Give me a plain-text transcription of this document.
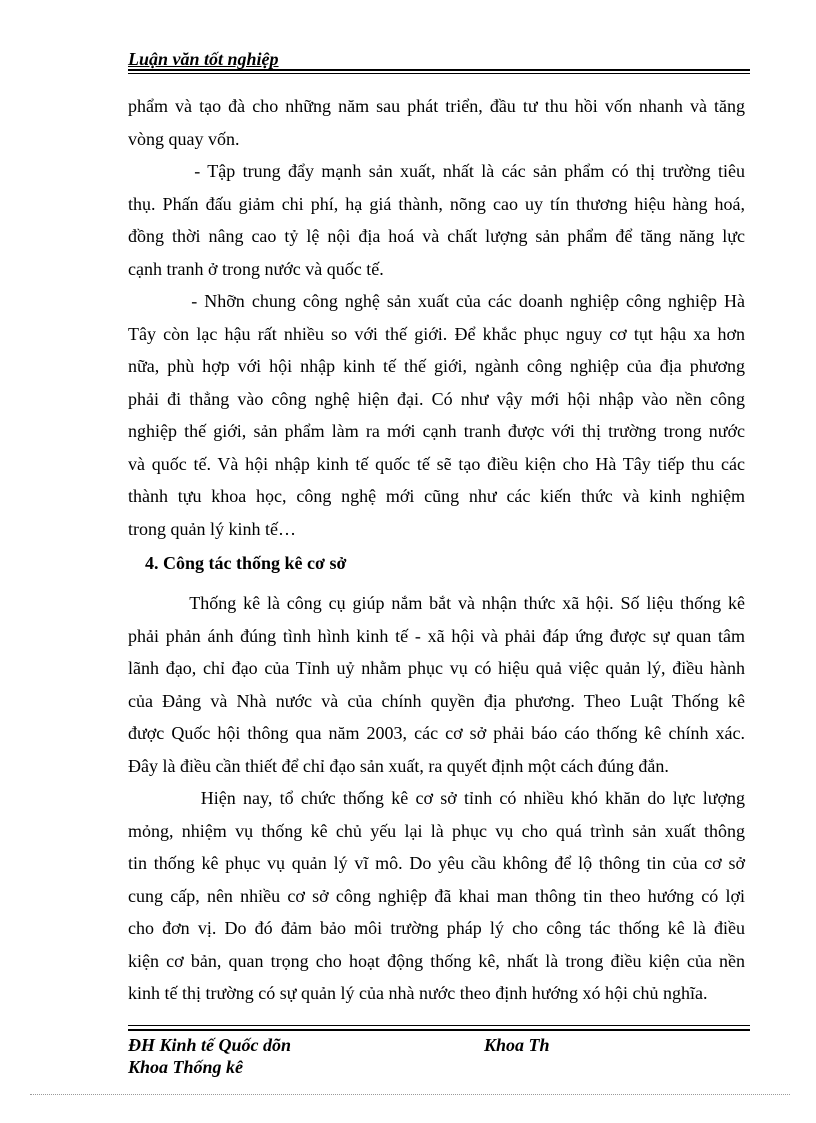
Luận văn tốt nghiệp

phẩm và tạo đà cho những năm sau phát triển, đầu tư thu hồi vốn nhanh và tăng
vòng quay vốn.

- Tập trung đẩy mạnh sản xuất, nhất là các sản phẩm có thị trường tiêu
thụ. Phấn đấu giảm chi phí, hạ giá thành, nõng cao uy tín thương hiệu hàng hoá,
đồng thời nâng cao tỷ lệ nội địa hoá và chất lượng sản phẩm để tăng năng lực
cạnh tranh ở trong nước và quốc tế.

- Nhỡn chung công nghệ sản xuất của các doanh nghiệp công nghiệp Hà
Tây còn lạc hậu rất nhiều so với thế giới. Để khắc phục nguy cơ tụt hậu xa hơn
nữa, phù hợp với hội nhập kinh tế thế giới, ngành công nghiệp của địa phương
phải đi thẳng vào công nghệ hiện đại. Có như vậy mới hội nhập vào nền công
nghiệp thế giới, sản phẩm làm ra mới cạnh tranh được với thị trường trong nước
và quốc tế. Và hội nhập kinh tế quốc tế sẽ tạo điều kiện cho Hà Tây tiếp thu các
thành tựu khoa học, công nghệ mới cũng như các kiến thức và kinh nghiệm
trong quản lý kinh tế…

4. Công tác thống kê cơ sở

Thống kê là công cụ giúp nắm bắt và nhận thức xã hội. Số liệu thống kê
phải phản ánh đúng tình hình kinh tế - xã hội và phải đáp ứng được sự quan tâm
lãnh đạo, chỉ đạo của Tỉnh uỷ nhằm phục vụ có hiệu quả việc quản lý, điều hành
của Đảng và Nhà nước và của chính quyền địa phương. Theo Luật Thống kê
được Quốc hội thông qua năm 2003, các cơ sở phải báo cáo thống kê chính xác.
Đây là điều cần thiết để chỉ đạo sản xuất, ra quyết định một cách đúng đắn.

Hiện nay, tổ chức thống kê cơ sở tỉnh có nhiều khó khăn do lực lượng
mỏng, nhiệm vụ thống kê chủ yếu lại là phục vụ cho quá trình sản xuất thông
tin thống kê phục vụ quản lý vĩ mô. Do yêu cầu không để lộ thông tin của cơ sở
cung cấp, nên nhiều cơ sở công nghiệp đã khai man thông tin theo hướng có lợi
cho đơn vị. Do đó đảm bảo môi trường pháp lý cho công tác thống kê là điều
kiện cơ bản, quan trọng cho hoạt động thống kê, nhất là trong điều kiện của nền
kinh tế thị trường có sự quản lý của nhà nước theo định hướng xó hội chủ nghĩa.

ĐH Kinh tế Quốc dõn	Khoa Th
Khoa Thống kê
